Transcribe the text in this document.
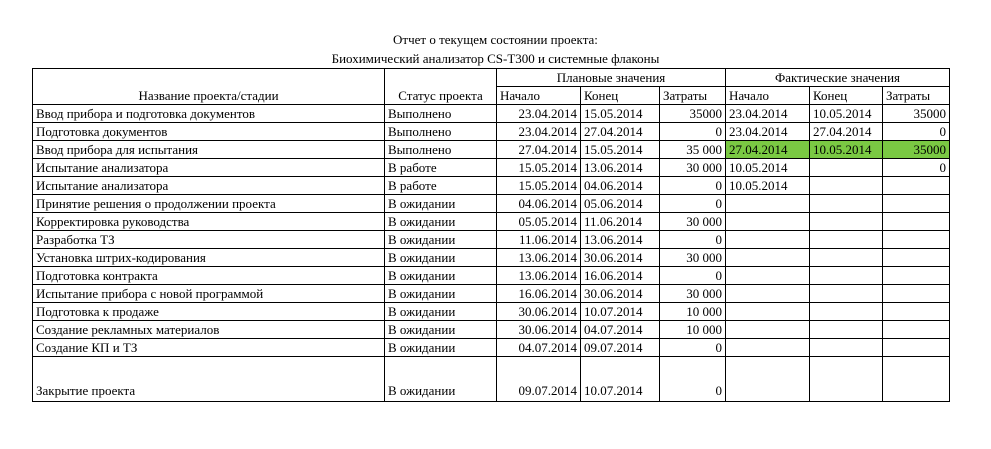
Отчет о текущем состоянии проекта:
Биохимический анализатор CS-T300 и системные флаконы
Название проекта/стадии	Статус проекта	Плановые значения			Фактические значения		
		Начало	Конец	Затраты	Начало	Конец	Затраты
Ввод прибора и подготовка документов	Выполнено	23.04.2014	15.05.2014	35000	23.04.2014	10.05.2014	35000
Подготовка документов	Выполнено	23.04.2014	27.04.2014	0	23.04.2014	27.04.2014	0
Ввод прибора для испытания	Выполнено	27.04.2014	15.05.2014	35 000	27.04.2014	10.05.2014	35000
Испытание анализатора	В работе	15.05.2014	13.06.2014	30 000	10.05.2014		0
Испытание анализатора	В работе	15.05.2014	04.06.2014	0	10.05.2014		
Принятие решения о продолжении проекта	В ожидании	04.06.2014	05.06.2014	0			
Корректировка руководства	В ожидании	05.05.2014	11.06.2014	30 000			
Разработка ТЗ	В ожидании	11.06.2014	13.06.2014	0			
Установка штрих-кодирования	В ожидании	13.06.2014	30.06.2014	30 000			
Подготовка контракта	В ожидании	13.06.2014	16.06.2014	0			
Испытание прибора с новой программой	В ожидании	16.06.2014	30.06.2014	30 000			
Подготовка к продаже	В ожидании	30.06.2014	10.07.2014	10 000			
Создание рекламных материалов	В ожидании	30.06.2014	04.07.2014	10 000			
Создание КП и ТЗ	В ожидании	04.07.2014	09.07.2014	0			
Закрытие проекта	В ожидании	09.07.2014	10.07.2014	0			
